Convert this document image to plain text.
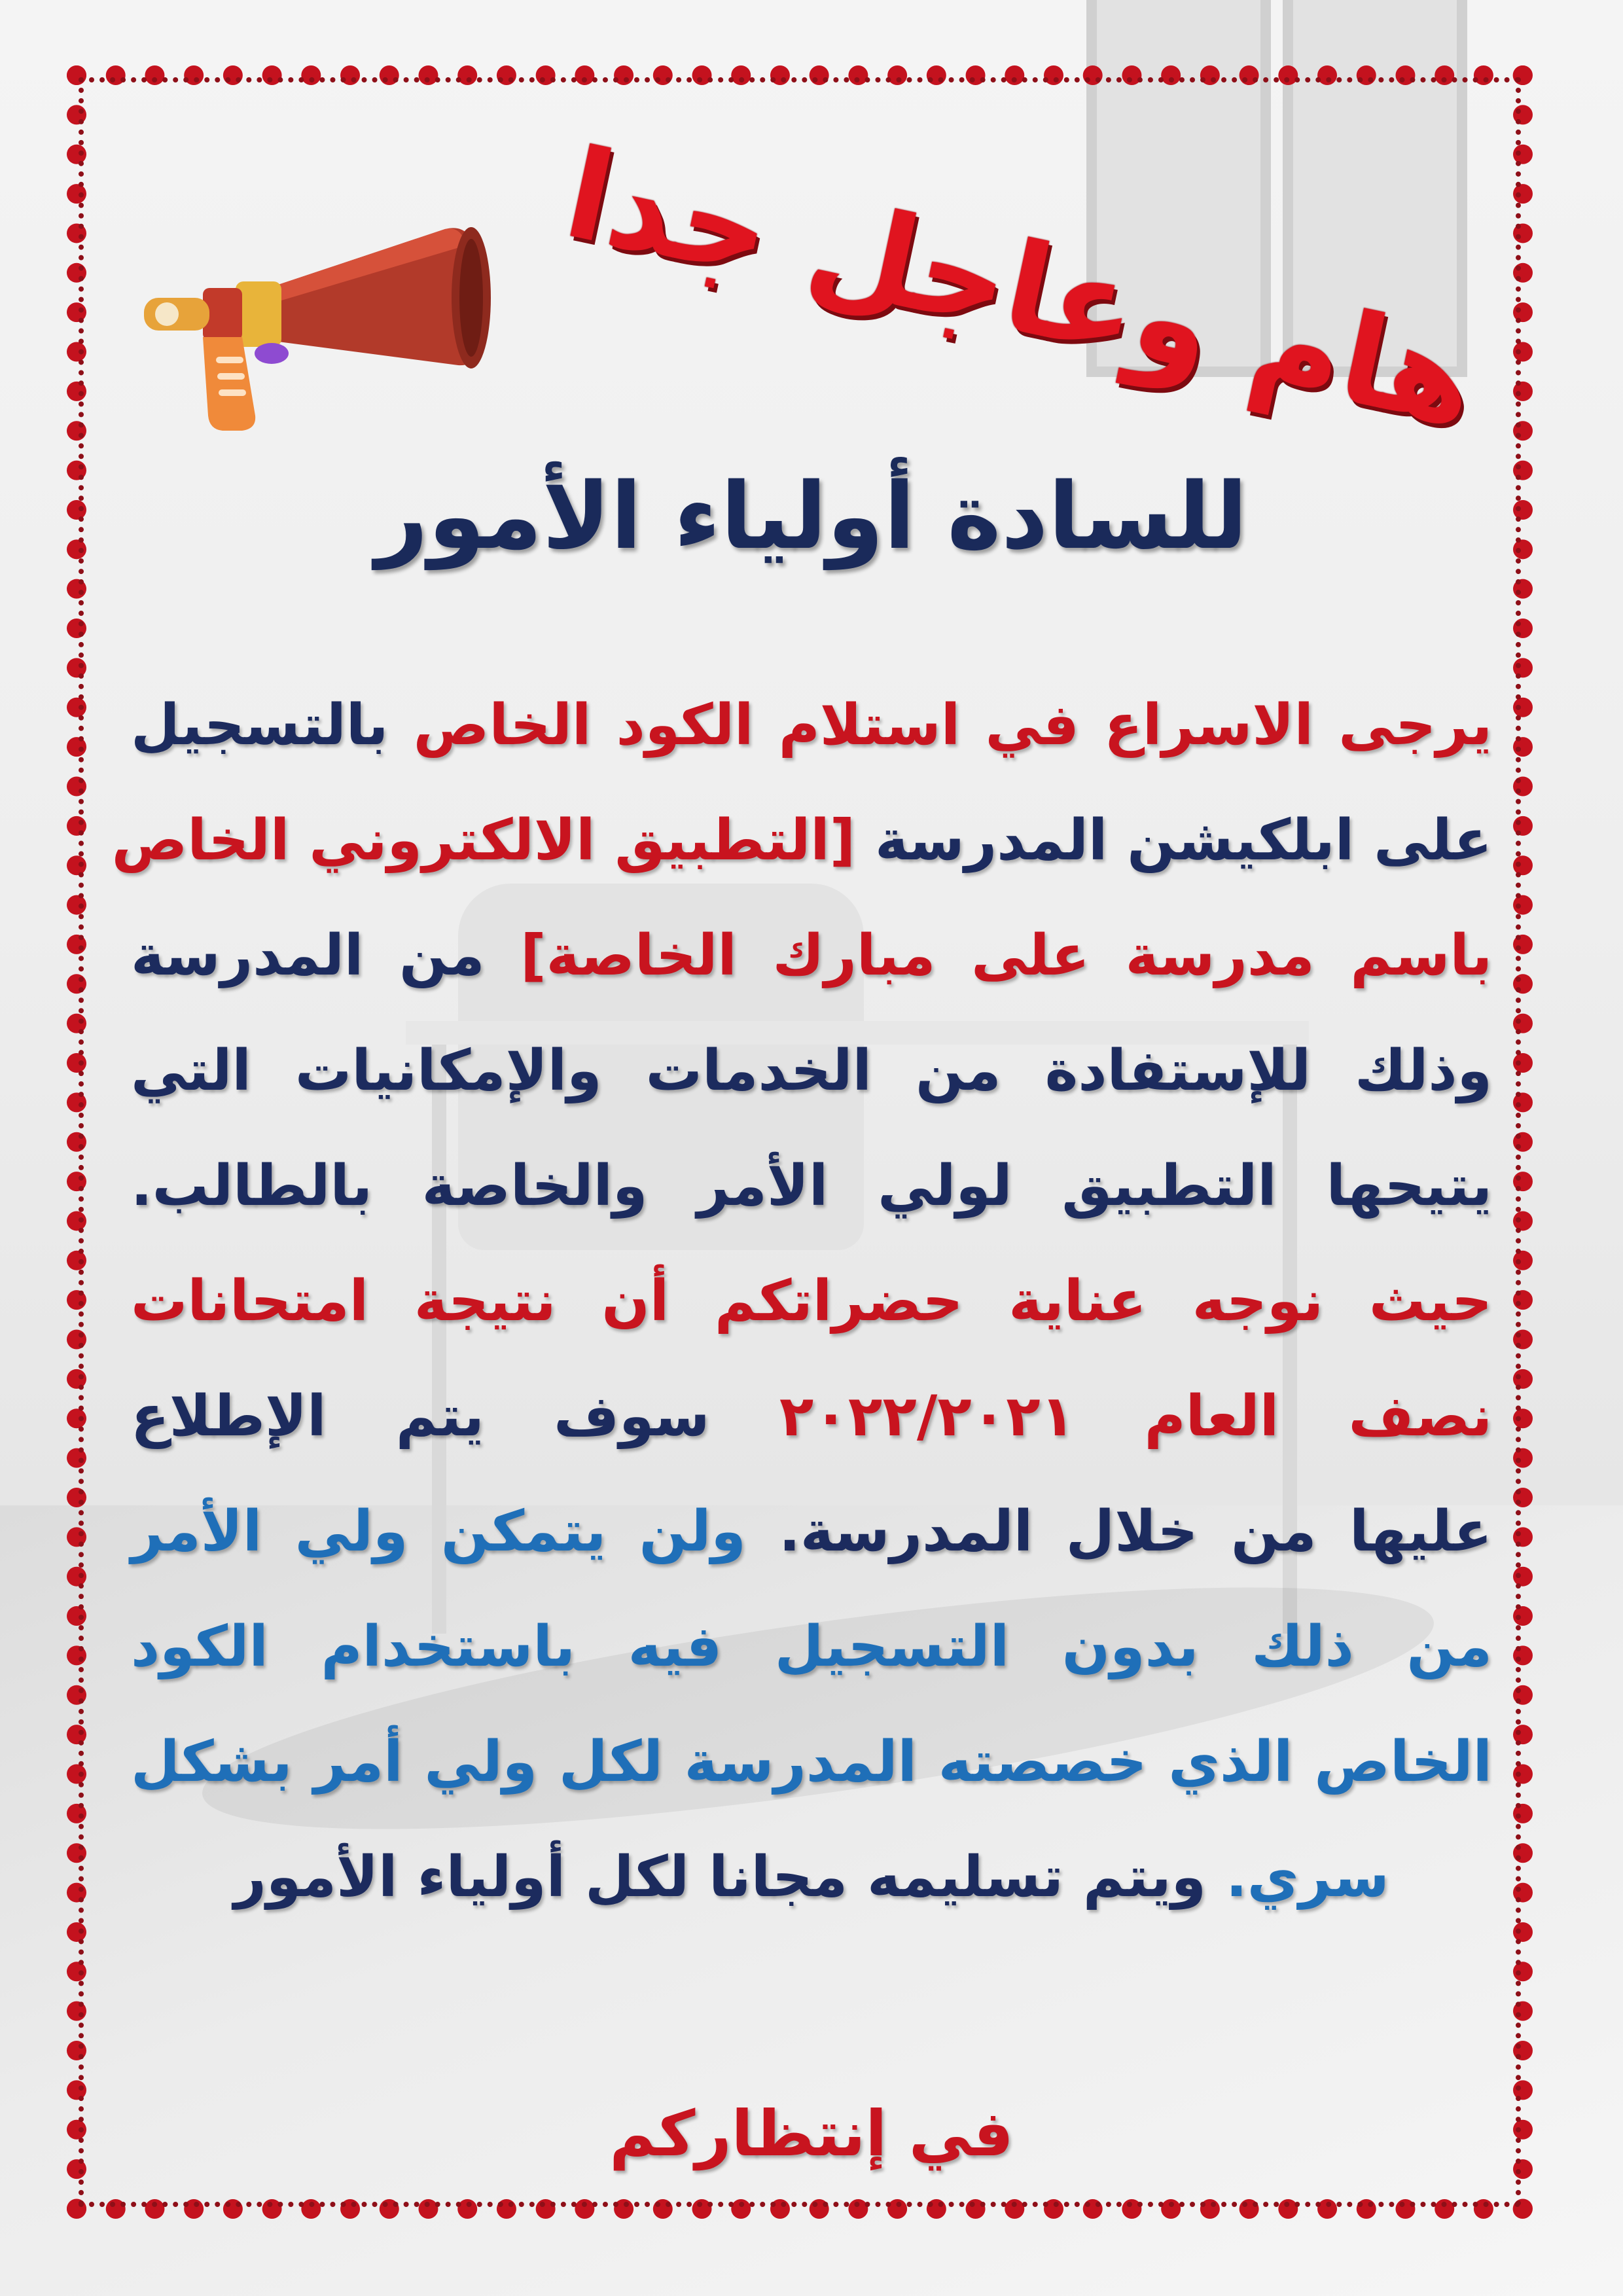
هام وعاجل جدا
للسادة أولياء الأمور
يرجى الاسراع في استلام الكود الخاص بالتسجيل
على ابلكيشن المدرسة [التطبيق الالكتروني الخاص
باسم مدرسة على مبارك الخاصة] من المدرسة
وذلك للإستفادة من الخدمات والإمكانيات التي
يتيحها التطبيق لولي الأمر والخاصة بالطالب.
حيث نوجه عناية حضراتكم أن نتيجة امتحانات
نصف العام ٢٠٢٢/٢٠٢١ سوف يتم الإطلاع
عليها من خلال المدرسة. ولن يتمكن ولي الأمر
من ذلك بدون التسجيل فيه باستخدام الكود
الخاص الذي خصصته المدرسة لكل ولي أمر بشكل
سري. ويتم تسليمه مجانا لكل أولياء الأمور
في إنتظاركم
